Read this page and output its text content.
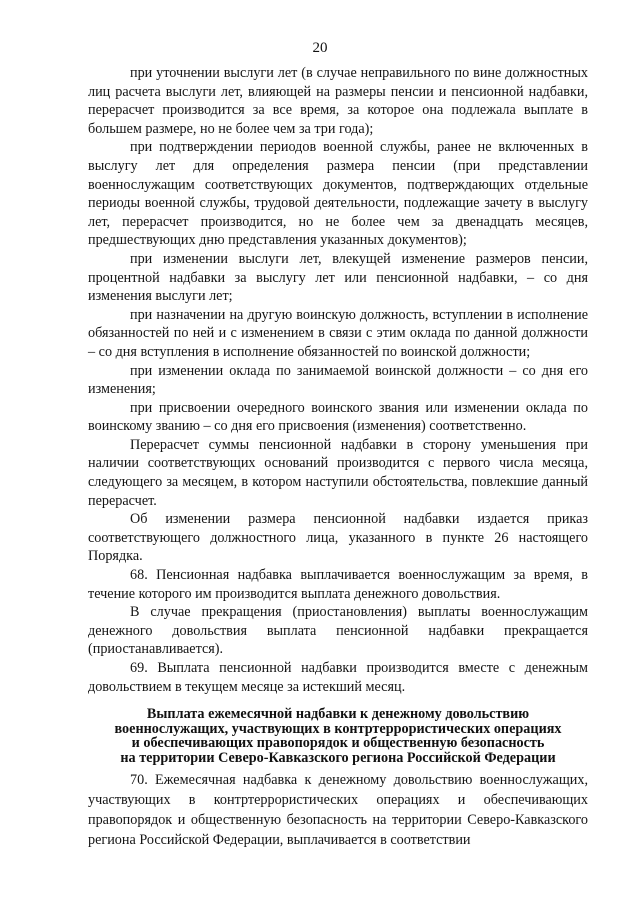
20

при уточнении выслуги лет (в случае неправильного по вине должностных лиц расчета выслуги лет, влияющей на размеры пенсии и пенсионной надбавки, перерасчет производится за все время, за которое она подлежала выплате в большем размере, но не более чем за три года);

при подтверждении периодов военной службы, ранее не включенных в выслугу лет для определения размера пенсии (при представлении военнослужащим соответствующих документов, подтверждающих отдельные периоды военной службы, трудовой деятельности, подлежащие зачету в выслугу лет, перерасчет производится, но не более чем за двенадцать месяцев, предшествующих дню представления указанных документов);

при изменении выслуги лет, влекущей изменение размеров пенсии, процентной надбавки за выслугу лет или пенсионной надбавки, – со дня изменения выслуги лет;

при назначении на другую воинскую должность, вступлении в исполнение обязанностей по ней и с изменением в связи с этим оклада по данной должности – со дня вступления в исполнение обязанностей по воинской должности;

при изменении оклада по занимаемой воинской должности – со дня его изменения;

при присвоении очередного воинского звания или изменении оклада по воинскому званию – со дня его присвоения (изменения) соответственно.

Перерасчет суммы пенсионной надбавки в сторону уменьшения при наличии соответствующих оснований производится с первого числа месяца, следующего за месяцем, в котором наступили обстоятельства, повлекшие данный перерасчет.

Об изменении размера пенсионной надбавки издается приказ соответствующего должностного лица, указанного в пункте 26 настоящего Порядка.

68. Пенсионная надбавка выплачивается военнослужащим за время, в течение которого им производится выплата денежного довольствия.

В случае прекращения (приостановления) выплаты военнослужащим денежного довольствия выплата пенсионной надбавки прекращается (приостанавливается).

69. Выплата пенсионной надбавки производится вместе с денежным довольствием в текущем месяце за истекший месяц.

Выплата ежемесячной надбавки к денежному довольствию
военнослужащих, участвующих в контртеррористических операциях
и обеспечивающих правопорядок и общественную безопасность
на территории Северо-Кавказского региона Российской Федерации

70. Ежемесячная надбавка к денежному довольствию военнослужащих, участвующих в контртеррористических операциях и обеспечивающих правопорядок и общественную безопасность на территории Северо-Кавказского региона Российской Федерации, выплачивается в соответствии
